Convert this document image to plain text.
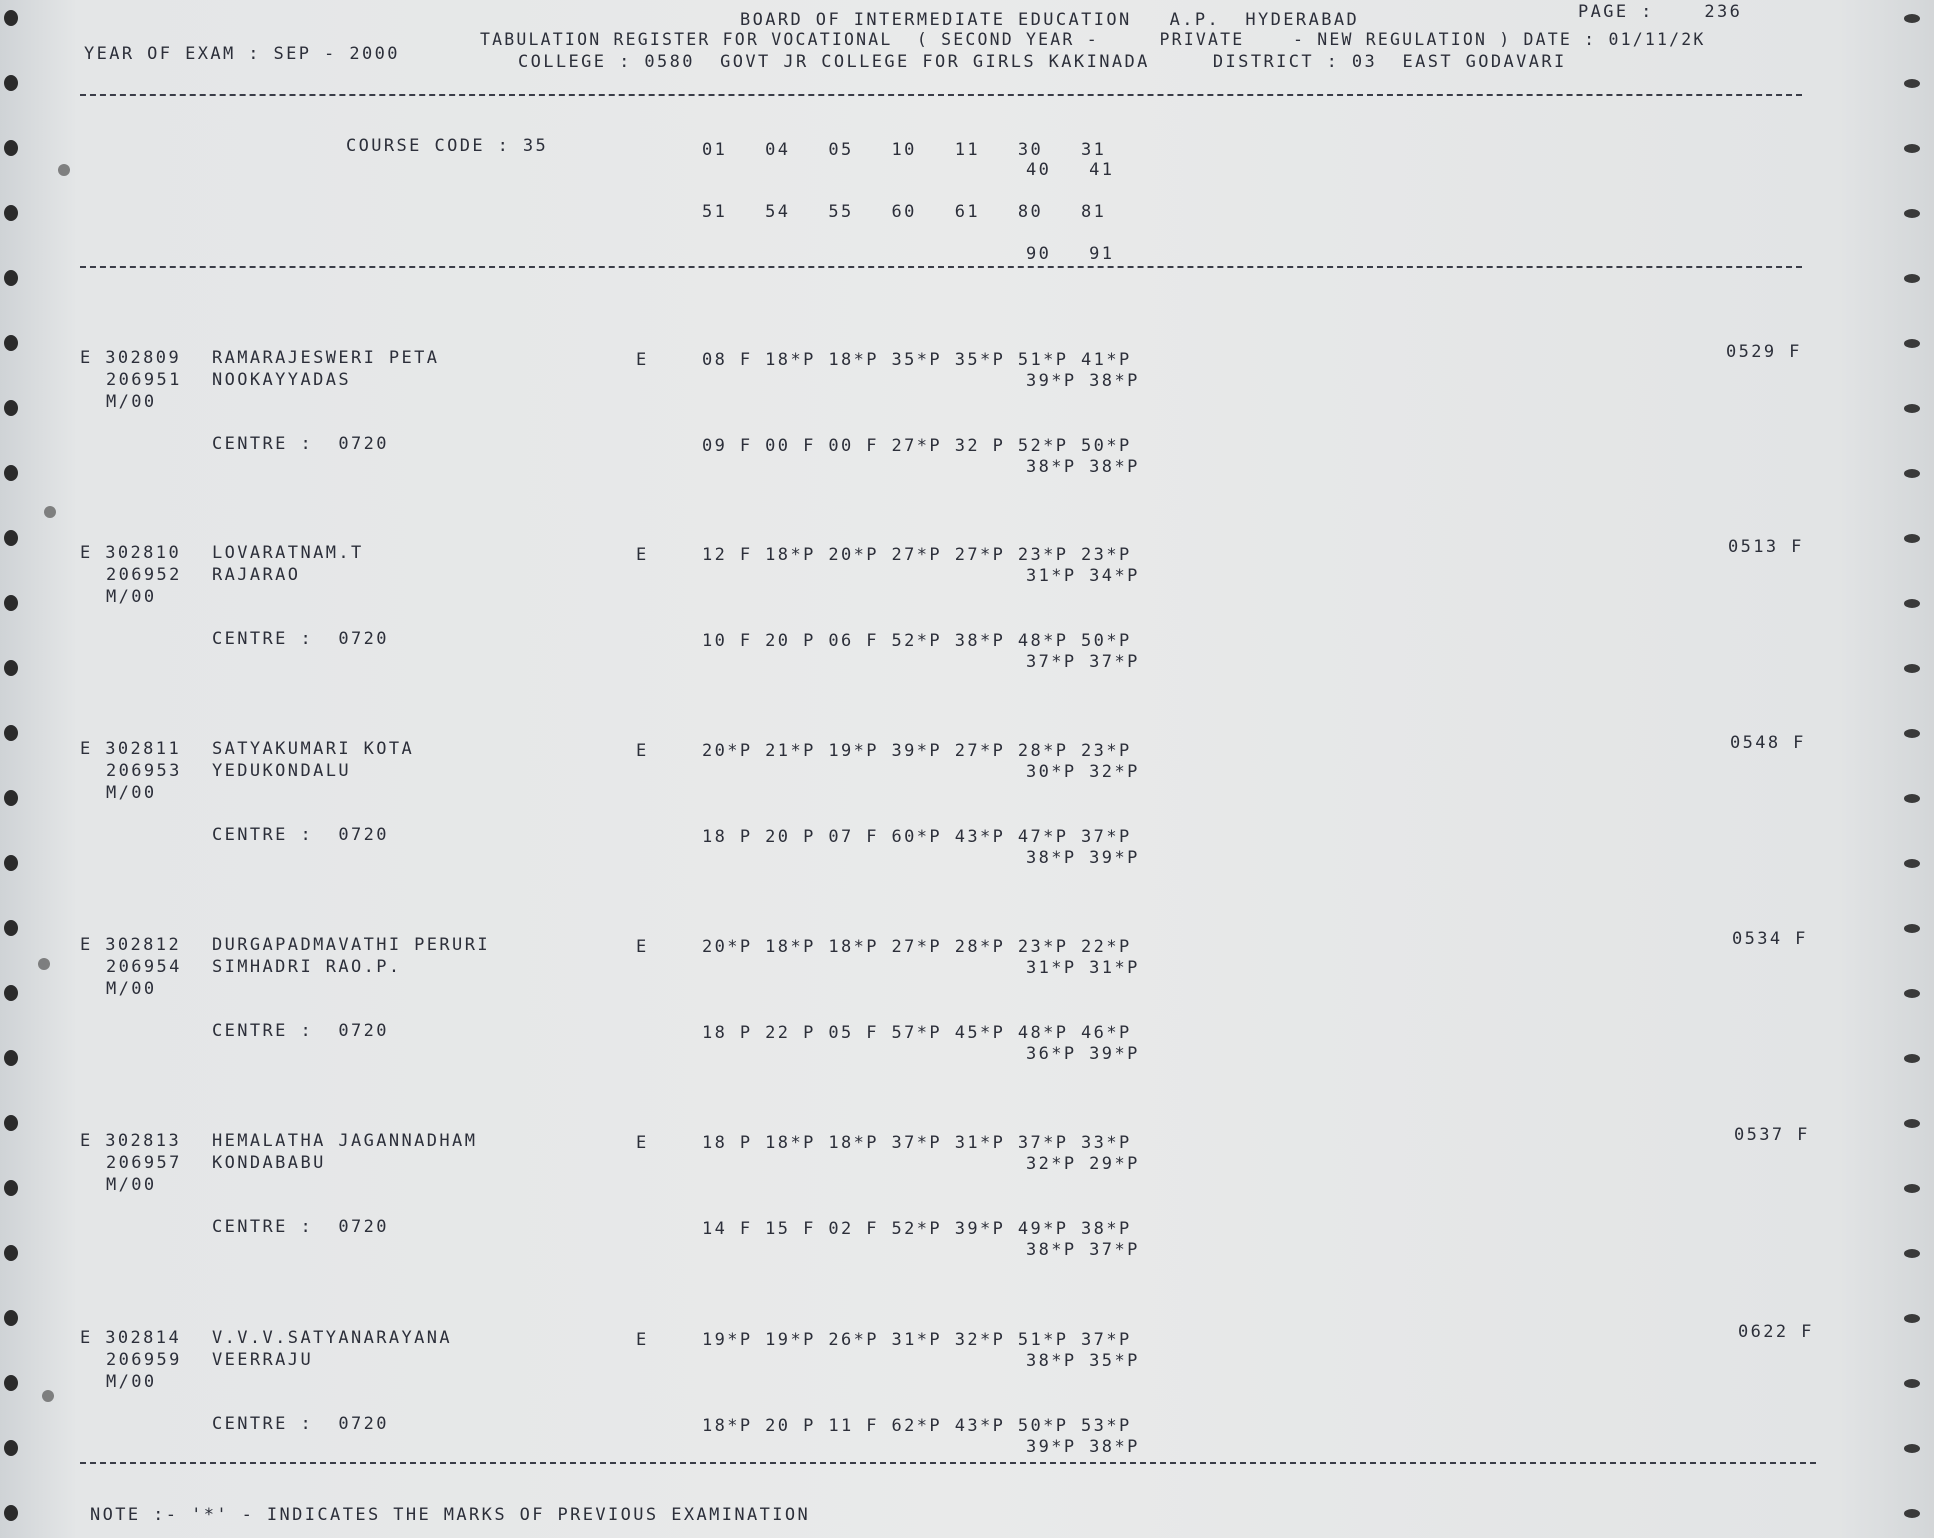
BOARD OF INTERMEDIATE EDUCATION   A.P.  HYDERABAD	PAGE :    236
YEAR OF EXAM : SEP - 2000
TABULATION REGISTER FOR VOCATIONAL  ( SECOND YEAR -     PRIVATE    - NEW REGULATION ) DATE : 01/11/2K
COLLEGE : 0580  GOVT JR COLLEGE FOR GIRLS KAKINADA     DISTRICT : 03  EAST GODAVARI
COURSE CODE : 35	01   04   05   10   11   30   31
40   41
51   54   55   60   61   80   81
90   91
E 302809 RAMARAJESWERI PETA	E	08 F 18*P 18*P 35*P 35*P 51*P 41*P
39*P 38*P
206951 NOOKAYYADAS
M/00
CENTRE :  0720	09 F 00 F 00 F 27*P 32 P 52*P 50*P
38*P 38*P
0529 F
E 302810 LOVARATNAM.T	E	12 F 18*P 20*P 27*P 27*P 23*P 23*P
31*P 34*P
206952 RAJARAO
M/00
CENTRE :  0720	10 F 20 P 06 F 52*P 38*P 48*P 50*P
37*P 37*P
0513 F
E 302811 SATYAKUMARI KOTA	E	20*P 21*P 19*P 39*P 27*P 28*P 23*P
30*P 32*P
206953 YEDUKONDALU
M/00
CENTRE :  0720	18 P 20 P 07 F 60*P 43*P 47*P 37*P
38*P 39*P
0548 F
E 302812 DURGAPADMAVATHI PERURI	E	20*P 18*P 18*P 27*P 28*P 23*P 22*P
31*P 31*P
206954 SIMHADRI RAO.P.
M/00
CENTRE :  0720	18 P 22 P 05 F 57*P 45*P 48*P 46*P
36*P 39*P
0534 F
E 302813 HEMALATHA JAGANNADHAM	E	18 P 18*P 18*P 37*P 31*P 37*P 33*P
32*P 29*P
206957 KONDABABU
M/00
CENTRE :  0720	14 F 15 F 02 F 52*P 39*P 49*P 38*P
38*P 37*P
0537 F
E 302814 V.V.V.SATYANARAYANA	E	19*P 19*P 26*P 31*P 32*P 51*P 37*P
38*P 35*P
206959 VEERRAJU
M/00
CENTRE :  0720	18*P 20 P 11 F 62*P 43*P 50*P 53*P
39*P 38*P
0622 F
NOTE :- '*' - INDICATES THE MARKS OF PREVIOUS EXAMINATION
